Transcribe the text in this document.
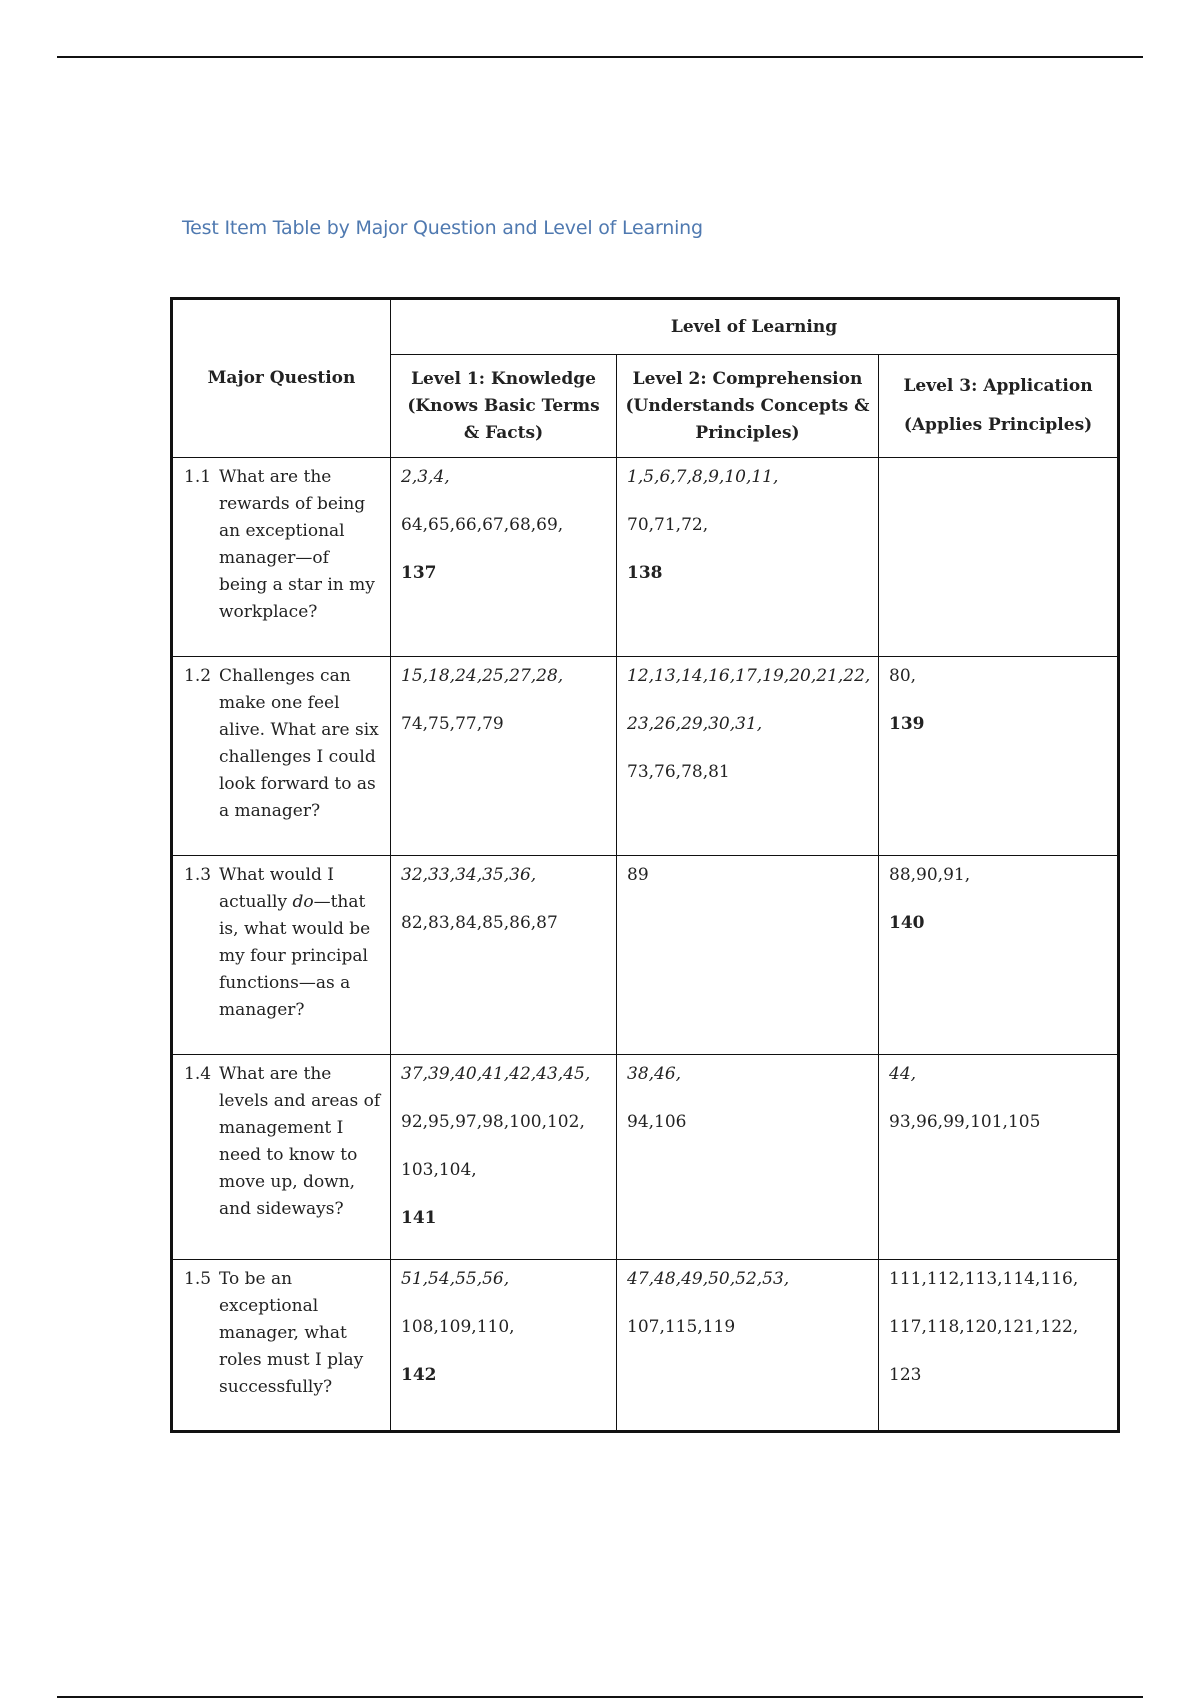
Test Item Table by Major Question and Level of Learning
Major Question	Level of Learning		

	Level 1: Knowledge
(Knows Basic Terms
& Facts)	Level 2: Comprehension
(Understands Concepts &
Principles)	Level 3: Application
(Applies Principles)

1.1 What are the rewards of being an exceptional manager—of being a star in my workplace?	2,3,4,
64,65,66,67,68,69,
137	1,5,6,7,8,9,10,11,
70,71,72,
138	

1.2 Challenges can make one feel alive. What are six challenges I could look forward to as a manager?	15,18,24,25,27,28,
74,75,77,79	12,13,14,16,17,19,20,21,22,
23,26,29,30,31,
73,76,78,81	80,
139

1.3 What would I actually do—that is, what would be my four principal functions—as a manager?	32,33,34,35,36,
82,83,84,85,86,87	89	88,90,91,
140

1.4 What are the levels and areas of management I need to know to move up, down, and sideways?	37,39,40,41,42,43,45,
92,95,97,98,100,102,
103,104,
141	38,46,
94,106	44,
93,96,99,101,105

1.5 To be an exceptional manager, what roles must I play successfully?	51,54,55,56,
108,109,110,
142	47,48,49,50,52,53,
107,115,119	111,112,113,114,116,
117,118,120,121,122,
123
